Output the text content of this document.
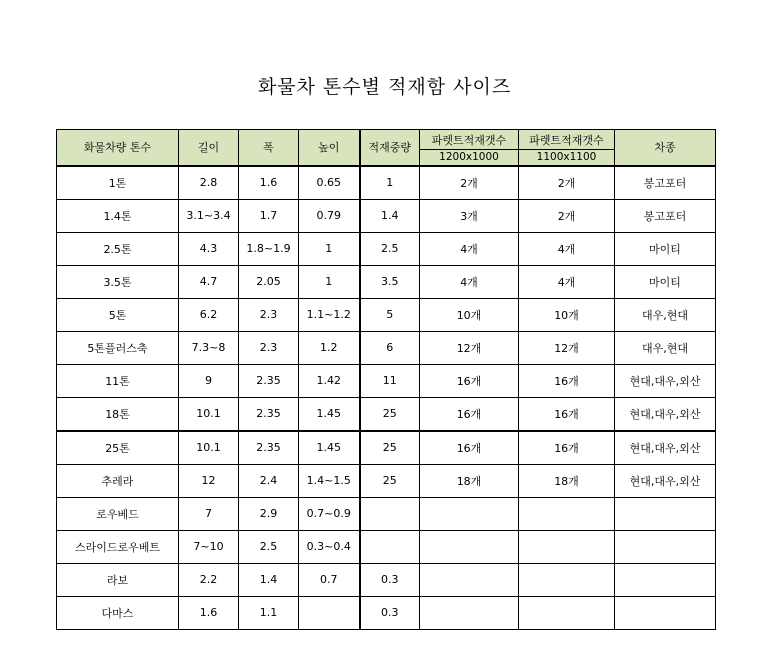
화물차 톤수별 적재함 사이즈
화물차량 톤수	길이	폭	높이	적재중량	파렛트적재갯수	파렛트적재갯수	차종
					1200x1000	1100x1100	
1톤	2.8	1.6	0.65	1	2개	2개	봉고포터
1.4톤	3.1~3.4	1.7	0.79	1.4	3개	2개	봉고포터
2.5톤	4.3	1.8~1.9	1	2.5	4개	4개	마이티
3.5톤	4.7	2.05	1	3.5	4개	4개	마이티
5톤	6.2	2.3	1.1~1.2	5	10개	10개	대우,현대
5톤플러스축	7.3~8	2.3	1.2	6	12개	12개	대우,현대
11톤	9	2.35	1.42	11	16개	16개	현대,대우,외산
18톤	10.1	2.35	1.45	25	16개	16개	현대,대우,외산
25톤	10.1	2.35	1.45	25	16개	16개	현대,대우,외산
추레라	12	2.4	1.4~1.5	25	18개	18개	현대,대우,외산
로우베드	7	2.9	0.7~0.9				
스라이드로우베트	7~10	2.5	0.3~0.4				
라보	2.2	1.4	0.7	0.3			
다마스	1.6	1.1		0.3			
